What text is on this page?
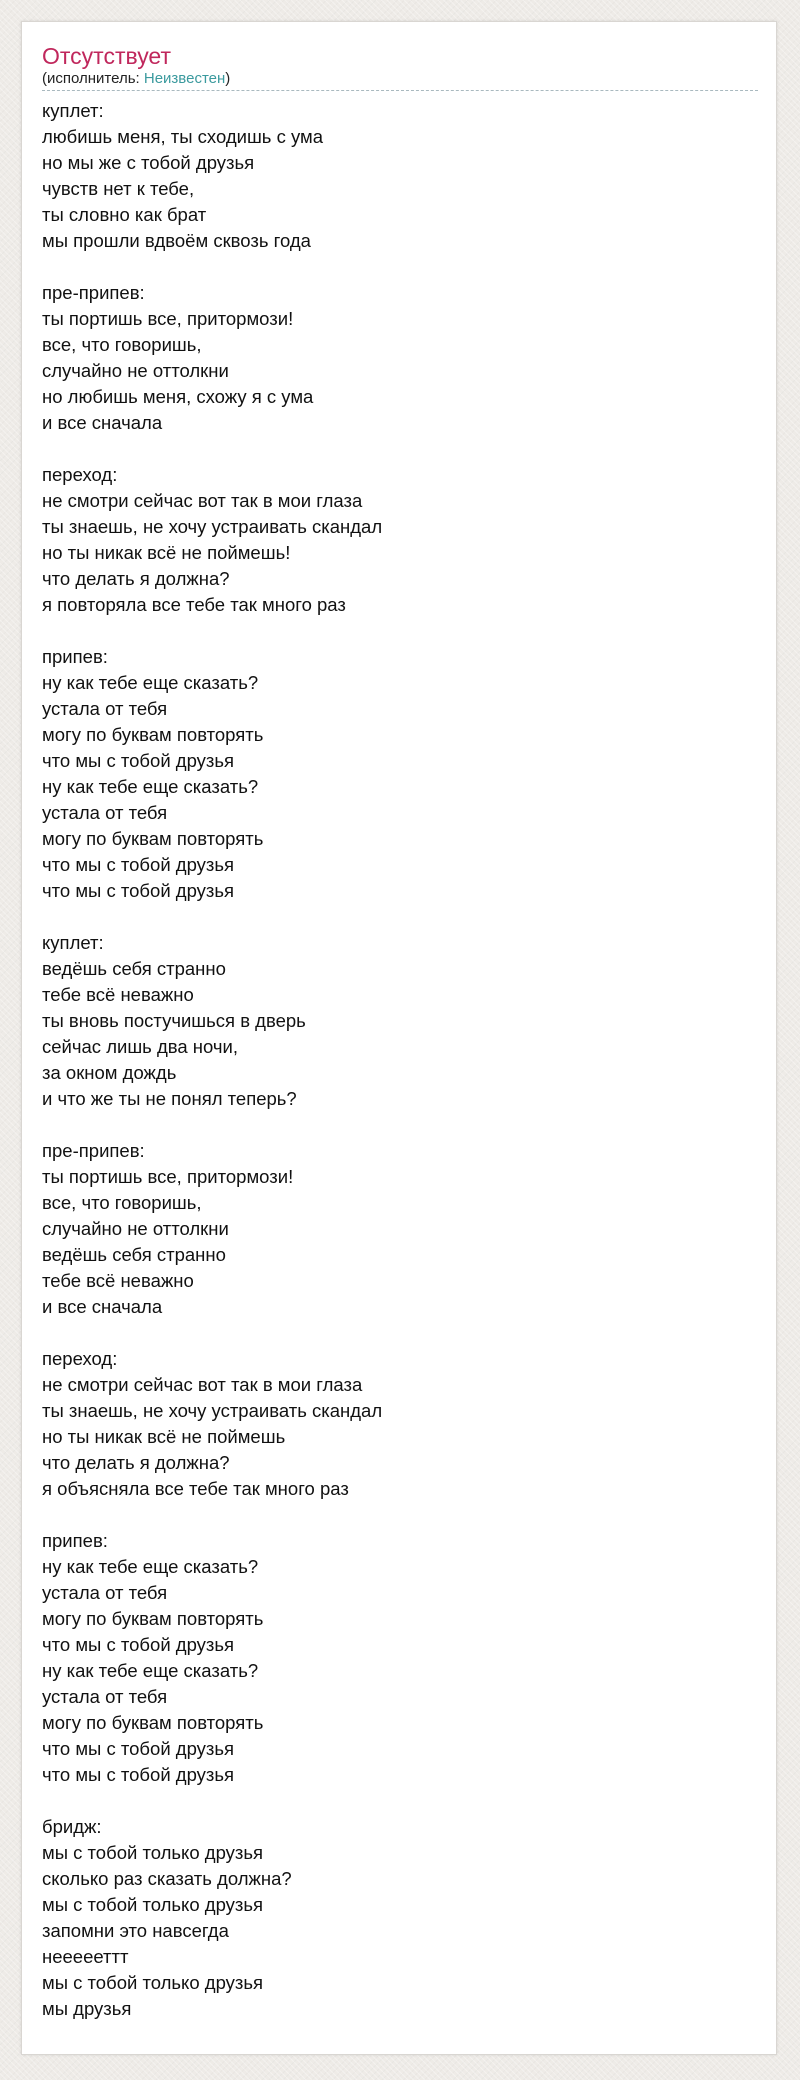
Отсутствует
(исполнитель: Неизвестен)
куплет:
любишь меня, ты сходишь с ума
но мы же с тобой друзья
чувств нет к тебе,
ты словно как брат
мы прошли вдвоём сквозь года
пре-припев:
ты портишь все, притормози!
все, что говоришь,
случайно не оттолкни
но любишь меня, схожу я с ума
и все сначала
переход:
не смотри сейчас вот так в мои глаза
ты знаешь, не хочу устраивать скандал
но ты никак всё не поймешь!
что делать я должна?
я повторяла все тебе так много раз
припев:
ну как тебе еще сказать?
устала от тебя
могу по буквам повторять
что мы с тобой друзья
ну как тебе еще сказать?
устала от тебя
могу по буквам повторять
что мы с тобой друзья
что мы с тобой друзья
куплет:
ведёшь себя странно
тебе всё неважно
ты вновь постучишься в дверь
сейчас лишь два ночи,
за окном дождь
и что же ты не понял теперь?
пре-припев:
ты портишь все, притормози!
все, что говоришь,
случайно не оттолкни
ведёшь себя странно
тебе всё неважно
и все сначала
переход:
не смотри сейчас вот так в мои глаза
ты знаешь, не хочу устраивать скандал
но ты никак всё не поймешь
что делать я должна?
я объясняла все тебе так много раз
припев:
ну как тебе еще сказать?
устала от тебя
могу по буквам повторять
что мы с тобой друзья
ну как тебе еще сказать?
устала от тебя
могу по буквам повторять
что мы с тобой друзья
что мы с тобой друзья
бридж:
мы с тобой только друзья
сколько раз сказать должна?
мы с тобой только друзья
запомни это навсегда
неееееттт
мы с тобой только друзья
мы друзья
